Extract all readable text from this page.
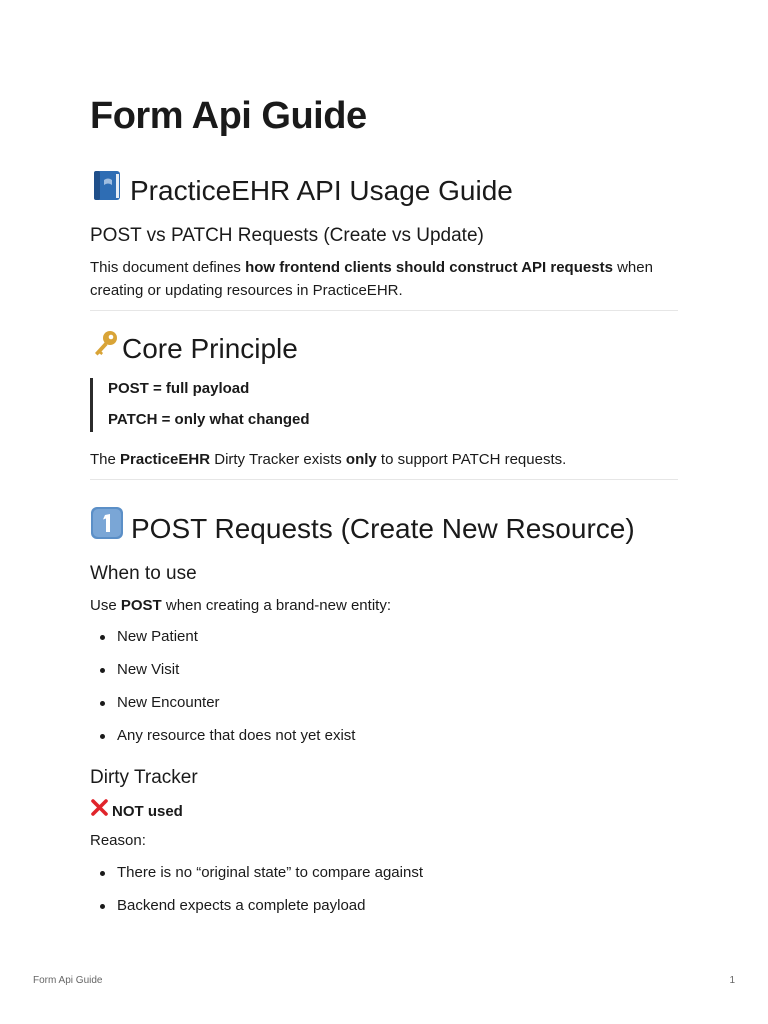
Form Api Guide
PracticeEHR API Usage Guide
POST vs PATCH Requests (Create vs Update)

This document defines how frontend clients should construct API requests when creating or updating resources in PracticeEHR.

Core Principle
POST = full payload
PATCH = only what changed

The PracticeEHR Dirty Tracker exists only to support PATCH requests.

POST Requests (Create New Resource)
When to use

Use POST when creating a brand-new entity:

New Patient
New Visit
New Encounter
Any resource that does not yet exist
Dirty Tracker

NOT used

Reason:

There is no “original state” to compare against
Backend expects a complete payload
Form Api Guide	1
